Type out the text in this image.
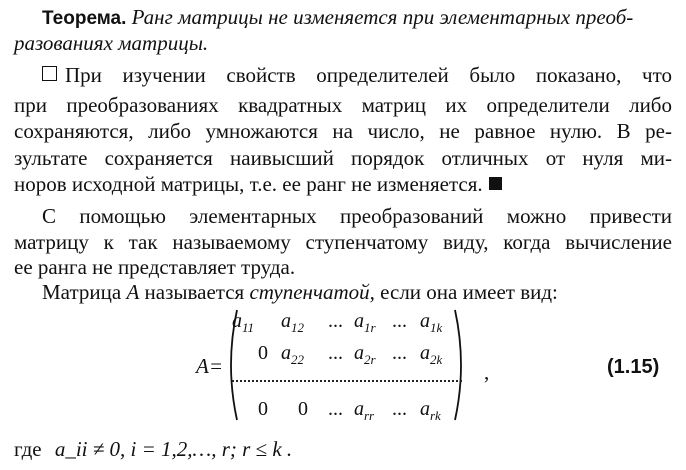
Теорема. Ранг матрицы не изменяется при элементарных преоб-
разованиях матрицы.
При изучении свойств определителей было показано, что
при преобразованиях квадратных матриц их определители либо
сохраняются, либо умножаются на число, не равное нулю. В ре-
зультате сохраняется наивысший порядок отличных от нуля ми-
норов исходной матрицы, т.е. ее ранг не изменяется.
С помощью элементарных преобразований можно привести
матрицу к так называемому ступенчатому виду, когда вычисление
ее ранга не представляет труда.
Матрица A называется ступенчатой, если она имеет вид:
A=
$a_{11}$ $a_{12}$ ... $a_{1r}$ ... $a_{1k}$
0 $a_{22}$ ... $a_{2r}$ ... $a_{2k}$
0 0 ... $a_{rr}$ ... $a_{rk}$
,	(1.15)
где a_ii ≠ 0, i = 1,2,…, r; r ≤ k .
